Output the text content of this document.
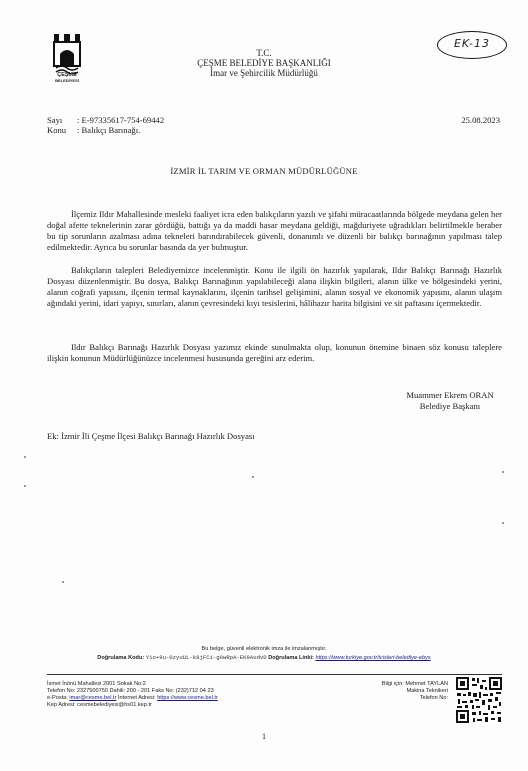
ÇEŞME
BELEDİYESİ
EK-13
T.C.
ÇEŞME BELEDİYE BAŞKANLIĞI
İmar ve Şehircilik Müdürlüğü
Sayı : E-97335617-754-69442
Konu : Balıkçı Barınağı.
25.08.2023
İZMİR İL TARIM VE ORMAN MÜDÜRLÜĞÜNE

İlçemiz Ildır Mahallesinde mesleki faaliyet icra eden balıkçıların yazılı ve şifahi müracaatlarında bölgede meydana gelen her doğal afette teknelerinin zarar gördüğü, battığı ya da maddi hasar meydana geldiği, mağduriyete uğradıkları belirtilmekle beraber bu tip sorunların azalması adına tekneleri barındırabilecek güvenli, donanımlı ve düzenli bir balıkçı barınağının yapılması talep edilmektedir. Ayrıca bu sorunlar basında da yer bulmuştur.

Balıkçıların talepleri Belediyemizce incelenmiştir. Konu ile ilgili ön hazırlık yapılarak, Ildır Balıkçı Barınağı Hazırlık Dosyası düzenlenmiştir. Bu dosya, Balıkçı Barınağının yapılabileceği alana ilişkin bilgileri, alanın ülke ve bölgesindeki yerini, alanın coğrafi yapısını, ilçenin termal kaynaklarını, ilçenin tarihsel gelişimini, alanın sosyal ve ekonomik yapısını, alanın ulaşım ağındaki yerini, idari yapıyı, sınırları, alanın çevresindeki kıyı tesislerini, hâlihazır harita bilgisini ve sit paftasını içermektedir.

Ildır Balıkçı Barınağı Hazırlık Dosyası yazımız ekinde sunulmakta olup, konunun önemine binaen söz konusu taleplere ilişkin konunun Müdürlüğünüzce incelenmesi hususunda gereğini arz ederim.

Muammer Ekrem ORAN
Belediye Başkanı
Ek: İzmir İli Çeşme İlçesi Balıkçı Barınağı Hazırlık Dosyası
Bu belge, güvenli elektronik imza ile imzalanmıştır.
Doğrulama Kodu: Y1o+9u-0zyuUL-k8jFCi-g6wRpA-EK9AudvD Doğrulama Linki: https://www.turkiye.gov.tr/icisleri-belediye-ebys
İsmet İnönü Mahallesi 2001 Sokak No:2
Telefon No: 2327500750 Dahili: 200 - 201 Faks No: (232)712 04 23
e-Posta: imar@cesme.bel.tr İnternet Adresi: https://www.cesme.bel.tr
Kep Adresi: cesmebelediyesi@hs01.kep.tr
Bilgi için: Mehmet TAYLAN
Makina Teknikeri
Telefon No:
1
